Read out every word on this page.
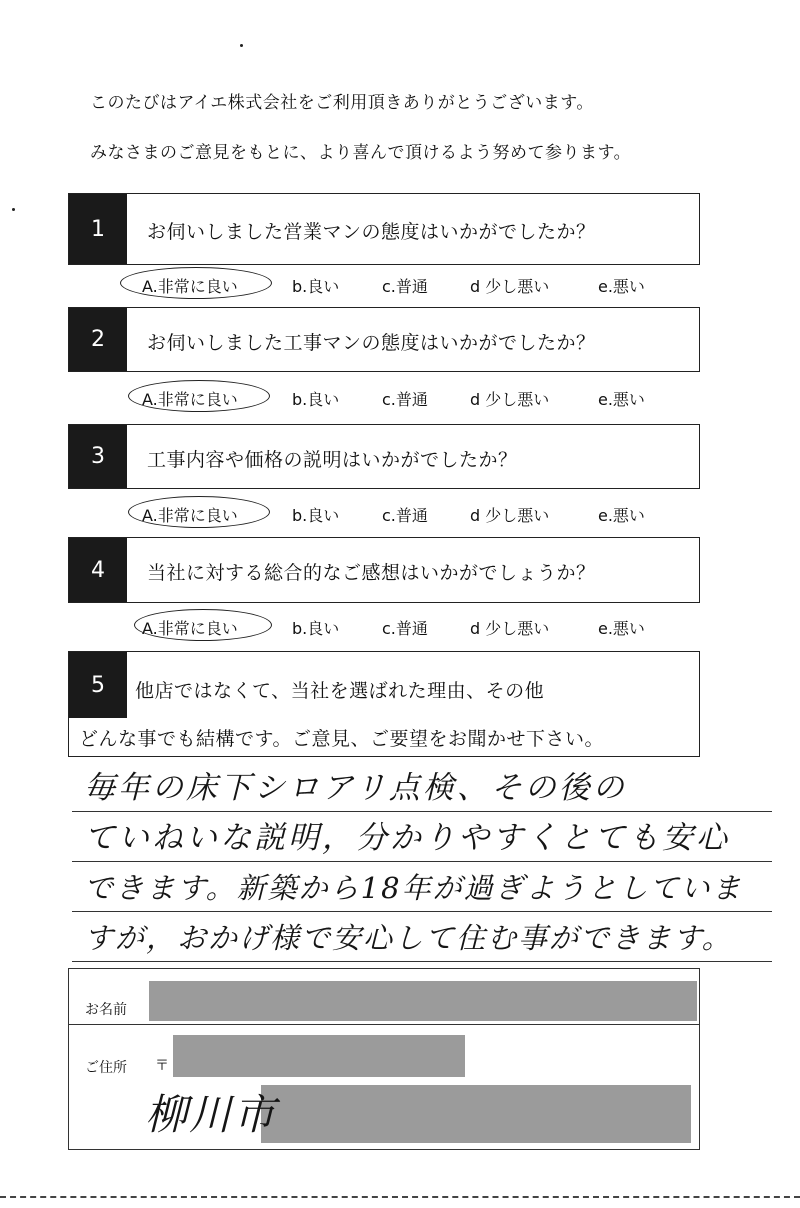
このたびはアイエ株式会社をご利用頂きありがとうございます。
みなさまのご意見をもとに、より喜んで頂けるよう努めて参ります。
1	お伺いしました営業マンの態度はいかがでしたか？
A.非常に良い	b.良い	c.普通	d 少し悪い	e.悪い
2	お伺いしました工事マンの態度はいかがでしたか？
A.非常に良い	b.良い	c.普通	d 少し悪い	e.悪い
3	工事内容や価格の説明はいかがでしたか？
A.非常に良い	b.良い	c.普通	d 少し悪い	e.悪い
4	当社に対する総合的なご感想はいかがでしょうか？
A.非常に良い	b.良い	c.普通	d 少し悪い	e.悪い
5	他店ではなくて、当社を選ばれた理由、その他
どんな事でも結構です。ご意見、ご要望をお聞かせ下さい。
毎年の床下シロアリ点検、その後の
ていねいな説明，分かりやすくとても安心
できます。新築から18年が過ぎようとしていま
すが，おかげ様で安心して住む事ができます。
お名前
ご住所 〒
柳川市
